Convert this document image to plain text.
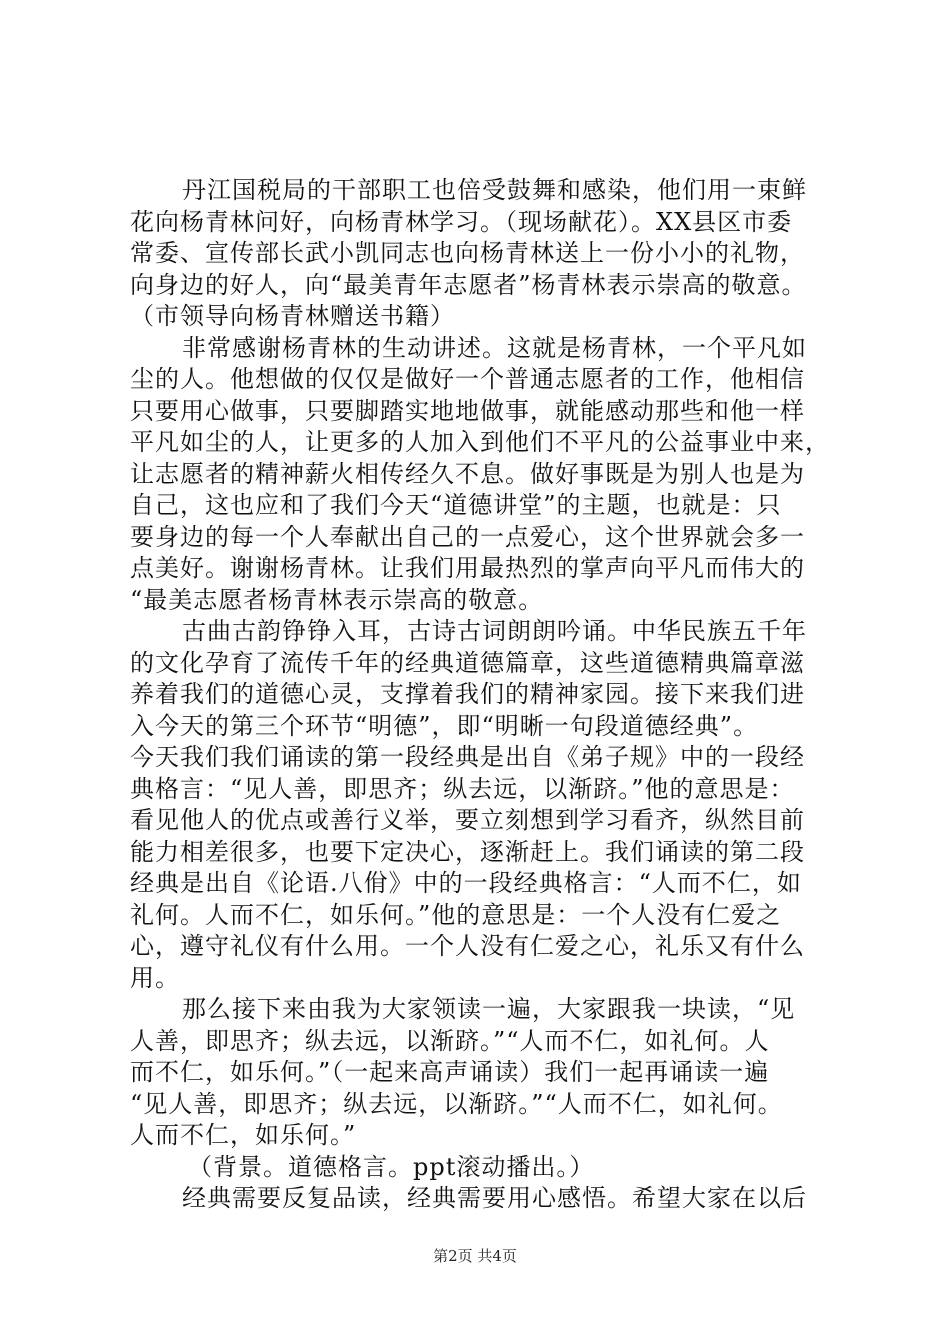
丹江国税局的干部职工也倍受鼓舞和感染，他们用一束鲜
花向杨青林问好，向杨青林学习。（现场献花）。XX县区市委
常委、宣传部长武小凯同志也向杨青林送上一份小小的礼物，
向身边的好人，向“最美青年志愿者”杨青林表示崇高的敬意。
（市领导向杨青林赠送书籍）
非常感谢杨青林的生动讲述。这就是杨青林，一个平凡如
尘的人。他想做的仅仅是做好一个普通志愿者的工作，他相信
只要用心做事，只要脚踏实地地做事，就能感动那些和他一样
平凡如尘的人，让更多的人加入到他们不平凡的公益事业中来，
让志愿者的精神薪火相传经久不息。做好事既是为别人也是为
自己，这也应和了我们今天“道德讲堂”的主题，也就是：只
要身边的每一个人奉献出自己的一点爱心，这个世界就会多一
点美好。谢谢杨青林。让我们用最热烈的掌声向平凡而伟大的
“最美志愿者杨青林表示崇高的敬意。
古曲古韵铮铮入耳，古诗古词朗朗吟诵。中华民族五千年
的文化孕育了流传千年的经典道德篇章，这些道德精典篇章滋
养着我们的道德心灵，支撑着我们的精神家园。接下来我们进
入今天的第三个环节“明德”，即“明晰一句段道德经典”。
今天我们我们诵读的第一段经典是出自《弟子规》中的一段经
典格言：“见人善，即思齐；纵去远，以渐跻。”他的意思是：
看见他人的优点或善行义举，要立刻想到学习看齐，纵然目前
能力相差很多，也要下定决心，逐渐赶上。我们诵读的第二段
经典是出自《论语.八佾》中的一段经典格言：“人而不仁，如
礼何。人而不仁，如乐何。”他的意思是：一个人没有仁爱之
心，遵守礼仪有什么用。一个人没有仁爱之心，礼乐又有什么
用。
那么接下来由我为大家领读一遍，大家跟我一块读，“见
人善，即思齐；纵去远，以渐跻。”“人而不仁，如礼何。人
而不仁，如乐何。”（一起来高声诵读）我们一起再诵读一遍
“见人善，即思齐；纵去远，以渐跻。”“人而不仁，如礼何。
人而不仁，如乐何。”
（背景。道德格言。ppt滚动播出。）
经典需要反复品读，经典需要用心感悟。希望大家在以后
第2页 共4页
